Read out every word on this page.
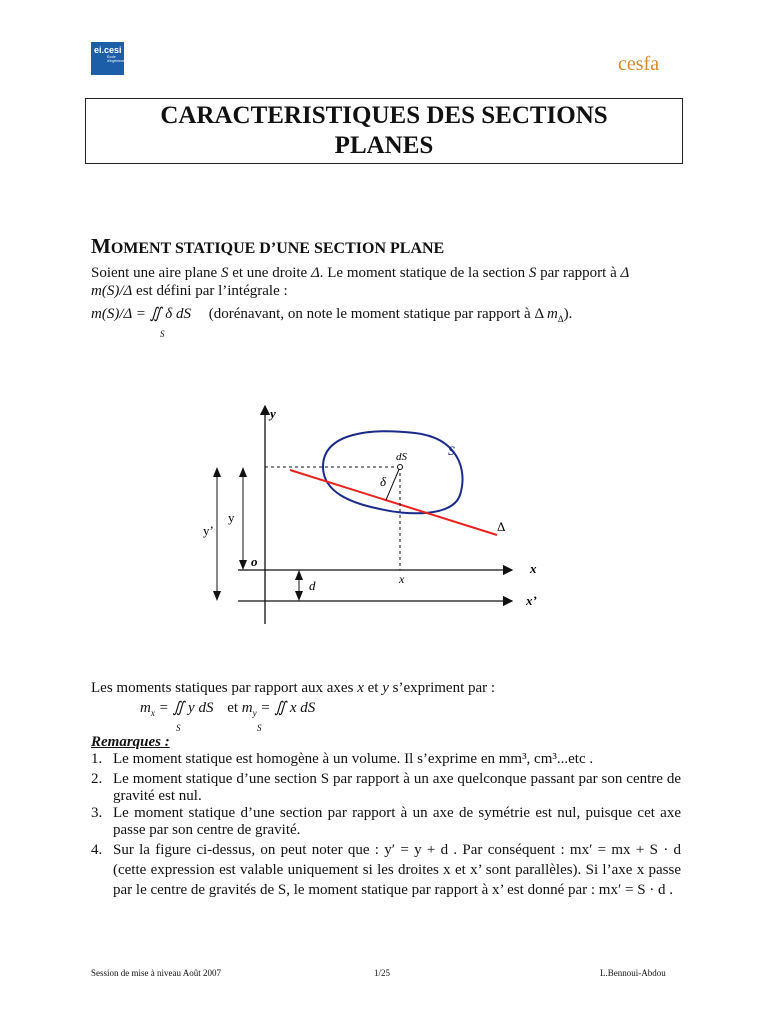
ei.cesi
École d'ingénieurs	cesfa
CARACTERISTIQUES DES SECTIONS
PLANES
MOMENT STATIQUE D’UNE SECTION PLANE
Soient une aire plane S et une droite Δ. Le moment statique de la section S par rapport à Δ
m(S)/Δ est défini par l’intégrale :
m(S)/Δ = ∬ δ dS (dorénavant, on note le moment statique par rapport à Δ $m_\Delta$).
S
y
S
dS
δ
Δ
y
y’
o	x
d	x
x’
Les moments statiques par rapport aux axes x et y s’expriment par :
$m_x$ = ∬ y dS et $m_y$ = ∬ x dS
S	S
Remarques :
1. Le moment statique est homogène à un volume. Il s’exprime en mm³, cm³...etc .
2. Le moment statique d’une section S par rapport à un axe quelconque passant par son centre de gravité est nul.
3. Le moment statique d’une section par rapport à un axe de symétrie est nul, puisque cet axe passe par son centre de gravité.
4. Sur la figure ci-dessus, on peut noter que : y′ = y + d . Par conséquent : mx′ = mx + S · d (cette expression est valable uniquement si les droites x et x’ sont parallèles). Si l’axe x passe par le centre de gravités de S, le moment statique par rapport à x’ est donné par : mx′ = S · d .
Session de mise à niveau Août 2007	1/25	L.Bennoui-Abdou
